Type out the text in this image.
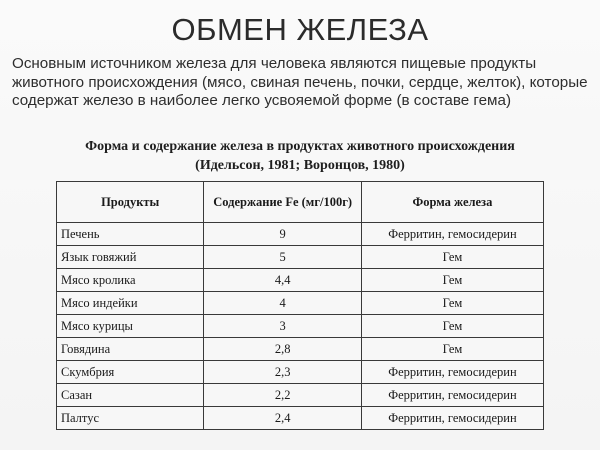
ОБМЕН ЖЕЛЕЗА
Основным источником железа для человека являются пищевые продукты животного происхождения (мясо, свиная печень, почки, сердце, желток), которые содержат железо в наиболее легко усвояемой форме (в составе гема)
Форма и содержание железа в продуктах животного происхождения
(Идельсон, 1981; Воронцов, 1980)
Продукты	Содержание Fe (мг/100г)	Форма железа
Печень	9	Ферритин, гемосидерин
Язык говяжий	5	Гем
Мясо кролика	4,4	Гем
Мясо индейки	4	Гем
Мясо курицы	3	Гем
Говядина	2,8	Гем
Скумбрия	2,3	Ферритин, гемосидерин
Сазан	2,2	Ферритин, гемосидерин
Палтус	2,4	Ферритин, гемосидерин
